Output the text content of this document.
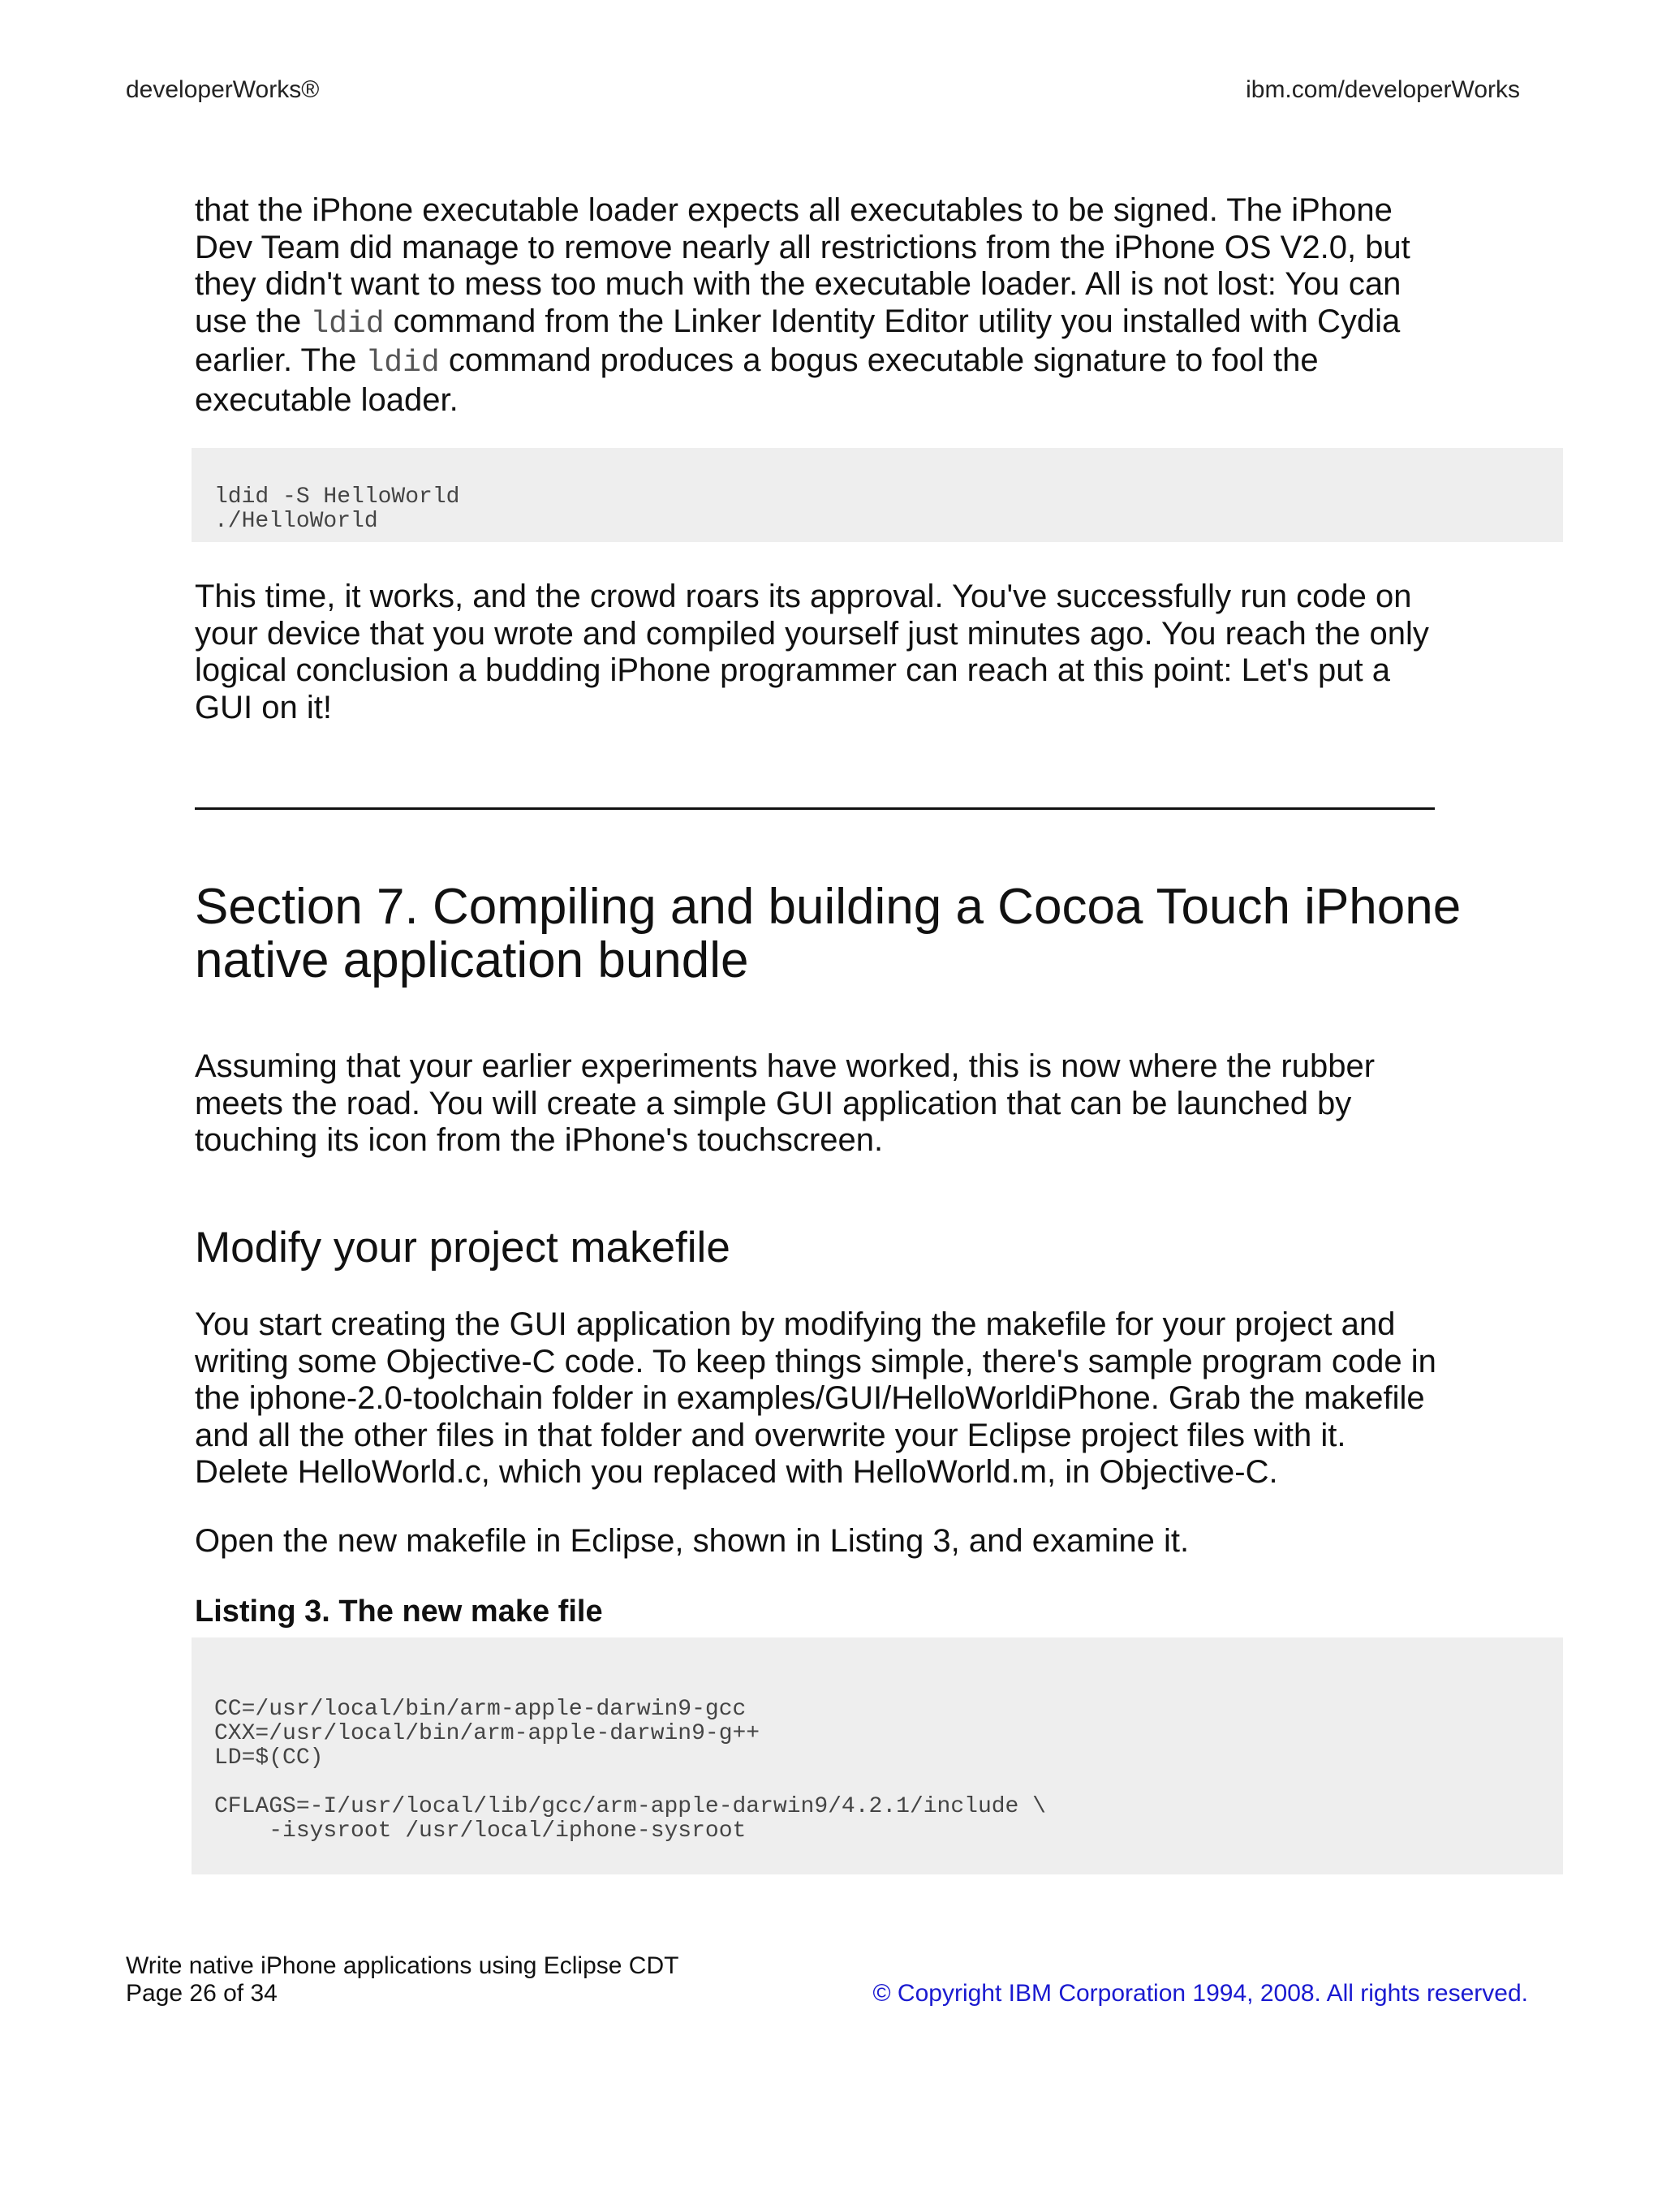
developerWorks®	ibm.com/developerWorks

that the iPhone executable loader expects all executables to be signed. The iPhone Dev Team did manage to remove nearly all restrictions from the iPhone OS V2.0, but they didn't want to mess too much with the executable loader. All is not lost: You can use the ldid command from the Linker Identity Editor utility you installed with Cydia earlier. The ldid command produces a bogus executable signature to fool the executable loader.

ldid -S HelloWorld
./HelloWorld

This time, it works, and the crowd roars its approval. You've successfully run code on your device that you wrote and compiled yourself just minutes ago. You reach the only logical conclusion a budding iPhone programmer can reach at this point: Let's put a GUI on it!

Section 7. Compiling and building a Cocoa Touch iPhone native application bundle

Assuming that your earlier experiments have worked, this is now where the rubber meets the road. You will create a simple GUI application that can be launched by touching its icon from the iPhone's touchscreen.

Modify your project makefile

You start creating the GUI application by modifying the makefile for your project and writing some Objective-C code. To keep things simple, there's sample program code in the iphone-2.0-toolchain folder in examples/GUI/HelloWorldiPhone. Grab the makefile and all the other files in that folder and overwrite your Eclipse project files with it. Delete HelloWorld.c, which you replaced with HelloWorld.m, in Objective-C.

Open the new makefile in Eclipse, shown in Listing 3, and examine it.

Listing 3. The new make file
CC=/usr/local/bin/arm-apple-darwin9-gcc
CXX=/usr/local/bin/arm-apple-darwin9-g++
LD=$(CC)
CFLAGS=-I/usr/local/lib/gcc/arm-apple-darwin9/4.2.1/include \
-isysroot /usr/local/iphone-sysroot
Write native iPhone applications using Eclipse CDT
Page 26 of 34	© Copyright IBM Corporation 1994, 2008. All rights reserved.
